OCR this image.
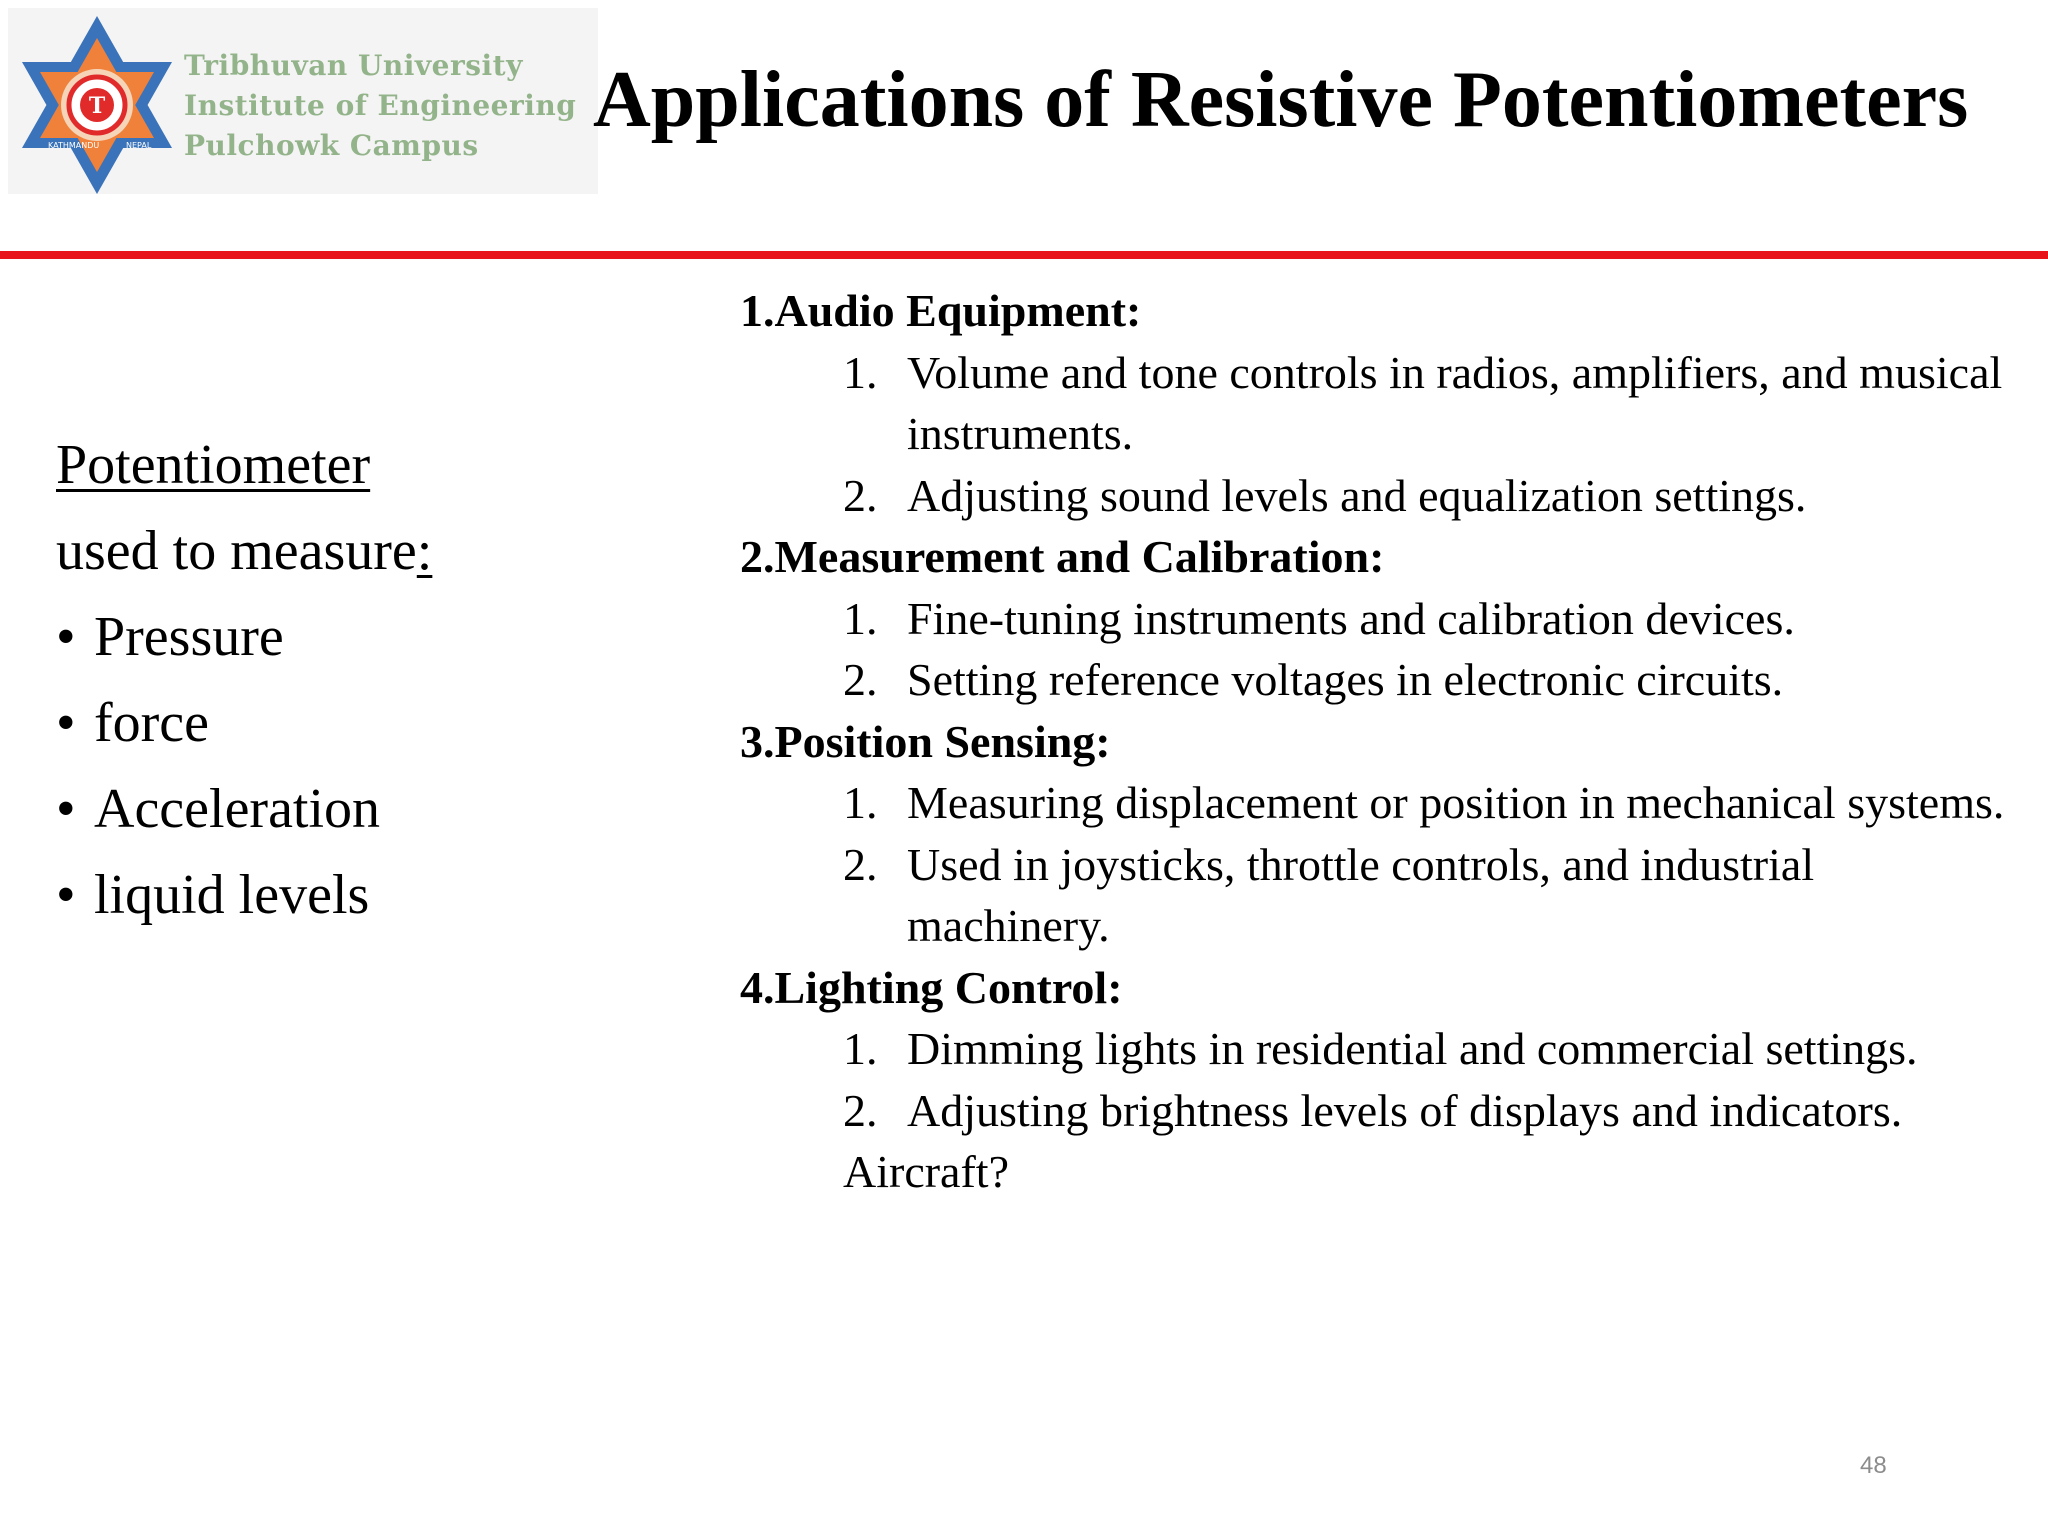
T
KATHMANDU	NEPAL
Tribhuvan University
Institute of Engineering
Pulchowk Campus
Applications of Resistive Potentiometers
Potentiometer
used to measure:
• Pressure
• force
• Acceleration
• liquid levels
1.Audio Equipment:
1. Volume and tone controls in radios, amplifiers, and musical instruments.
2. Adjusting sound levels and equalization settings.
2.Measurement and Calibration:
1. Fine-tuning instruments and calibration devices.
2. Setting reference voltages in electronic circuits.
3.Position Sensing:
1. Measuring displacement or position in mechanical systems.
2. Used in joysticks, throttle controls, and industrial machinery.
4.Lighting Control:
1. Dimming lights in residential and commercial settings.
2. Adjusting brightness levels of displays and indicators.
Aircraft?
48
